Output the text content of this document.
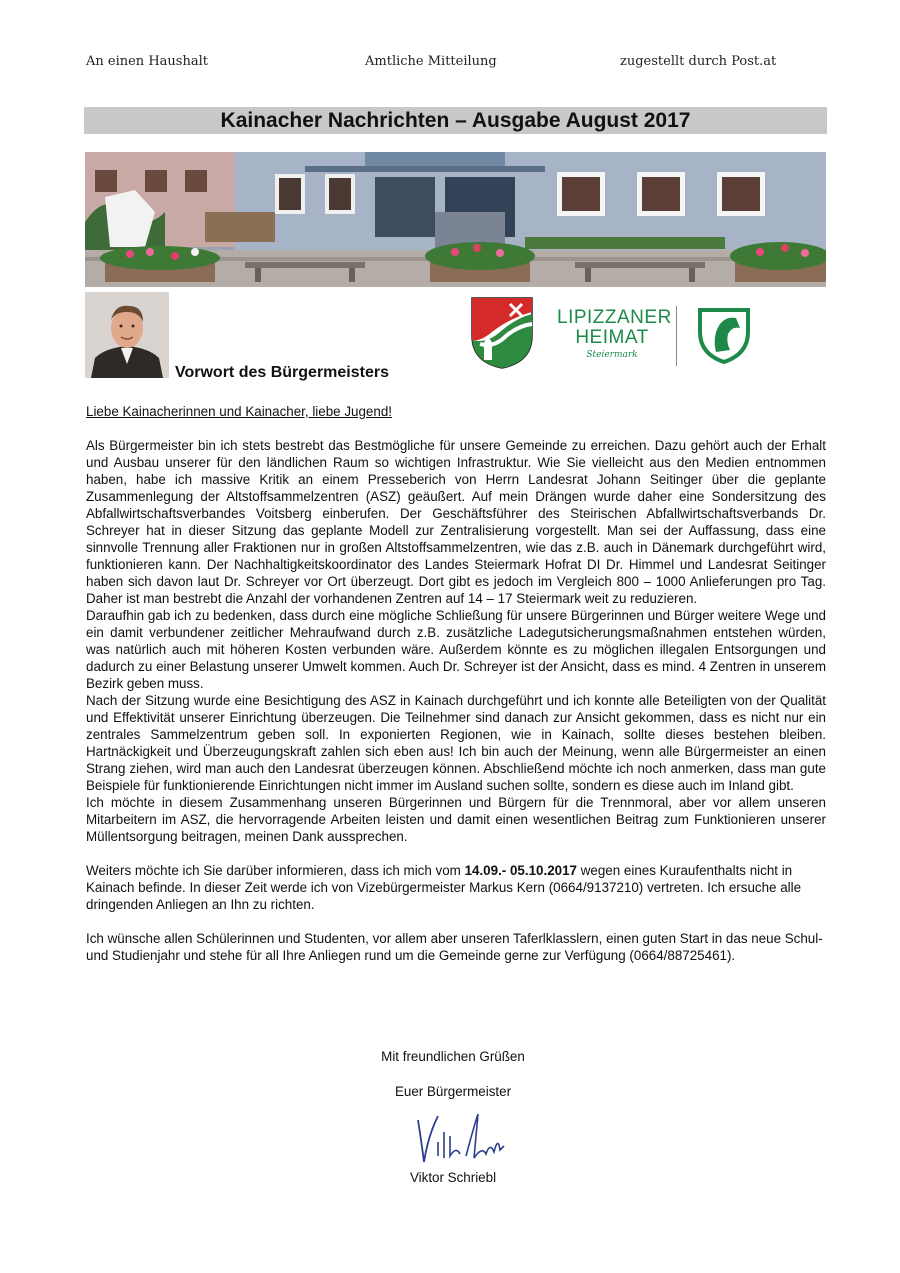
An einen Haushalt	Amtliche Mitteilung	zugestellt durch Post.at
Kainacher Nachrichten – Ausgabe August 2017
Vorwort des Bürgermeisters
LIPIZZANER
HEIMAT
Steiermark

Liebe Kainacherinnen und Kainacher, liebe Jugend!

Als Bürgermeister bin ich stets bestrebt das Bestmögliche für unsere Gemeinde zu erreichen. Dazu gehört auch der Erhalt und Ausbau unserer für den ländlichen Raum so wichtigen Infrastruktur. Wie Sie vielleicht aus den Medien entnommen haben, habe ich massive Kritik an einem Presseberich von Herrn Landesrat Johann Seitinger über die geplante Zusammenlegung der Altstoffsammelzentren (ASZ) geäußert. Auf mein Drängen wurde daher eine Sondersitzung des Abfallwirtschaftsverbandes Voitsberg einberufen. Der Geschäftsführer des Steirischen Abfallwirtschaftsverbands Dr. Schreyer hat in dieser Sitzung das geplante Modell zur Zentralisierung vorgestellt. Man sei der Auffassung, dass eine sinnvolle Trennung aller Fraktionen nur in großen Altstoffsammelzentren, wie das z.B. auch in Dänemark durchgeführt wird, funktionieren kann. Der Nachhaltigkeitskoordinator des Landes Steiermark Hofrat DI Dr. Himmel und Landesrat Seitinger haben sich davon laut Dr. Schreyer vor Ort überzeugt. Dort gibt es jedoch im Vergleich 800 – 1000 Anlieferungen pro Tag. Daher ist man bestrebt die Anzahl der vorhandenen Zentren auf 14 – 17 Steiermark weit zu reduzieren.

Daraufhin gab ich zu bedenken, dass durch eine mögliche Schließung für unsere Bürgerinnen und Bürger weitere Wege und ein damit verbundener zeitlicher Mehraufwand durch z.B. zusätzliche Ladegutsicherungsmaßnahmen entstehen würden, was natürlich auch mit höheren Kosten verbunden wäre. Außerdem könnte es zu möglichen illegalen Entsorgungen und dadurch zu einer Belastung unserer Umwelt kommen. Auch Dr. Schreyer ist der Ansicht, dass es mind. 4 Zentren in unserem Bezirk geben muss.

Nach der Sitzung wurde eine Besichtigung des ASZ in Kainach durchgeführt und ich konnte alle Beteiligten von der Qualität und Effektivität unserer Einrichtung überzeugen. Die Teilnehmer sind danach zur Ansicht gekommen, dass es nicht nur ein zentrales Sammelzentrum geben soll. In exponierten Regionen, wie in Kainach, sollte dieses bestehen bleiben. Hartnäckigkeit und Überzeugungskraft zahlen sich eben aus! Ich bin auch der Meinung, wenn alle Bürgermeister an einen Strang ziehen, wird man auch den Landesrat überzeugen können. Abschließend möchte ich noch anmerken, dass man gute Beispiele für funktionierende Einrichtungen nicht immer im Ausland suchen sollte, sondern es diese auch im Inland gibt.

Ich möchte in diesem Zusammenhang unseren Bürgerinnen und Bürgern für die Trennmoral, aber vor allem unseren Mitarbeitern im ASZ, die hervorragende Arbeiten leisten und damit einen wesentlichen Beitrag zum Funktionieren unserer Müllentsorgung beitragen, meinen Dank aussprechen.

Weiters möchte ich Sie darüber informieren, dass ich mich vom 14.09.- 05.10.2017 wegen eines Kuraufenthalts nicht in Kainach befinde. In dieser Zeit werde ich von Vizebürgermeister Markus Kern (0664/9137210) vertreten. Ich ersuche alle dringenden Anliegen an Ihn zu richten.

Ich wünsche allen Schülerinnen und Studenten, vor allem aber unseren Taferlklasslern, einen guten Start in das neue Schul- und Studienjahr und stehe für all Ihre Anliegen rund um die Gemeinde gerne zur Verfügung (0664/88725461).

Mit freundlichen Grüßen
Euer Bürgermeister
Viktor Schriebl
